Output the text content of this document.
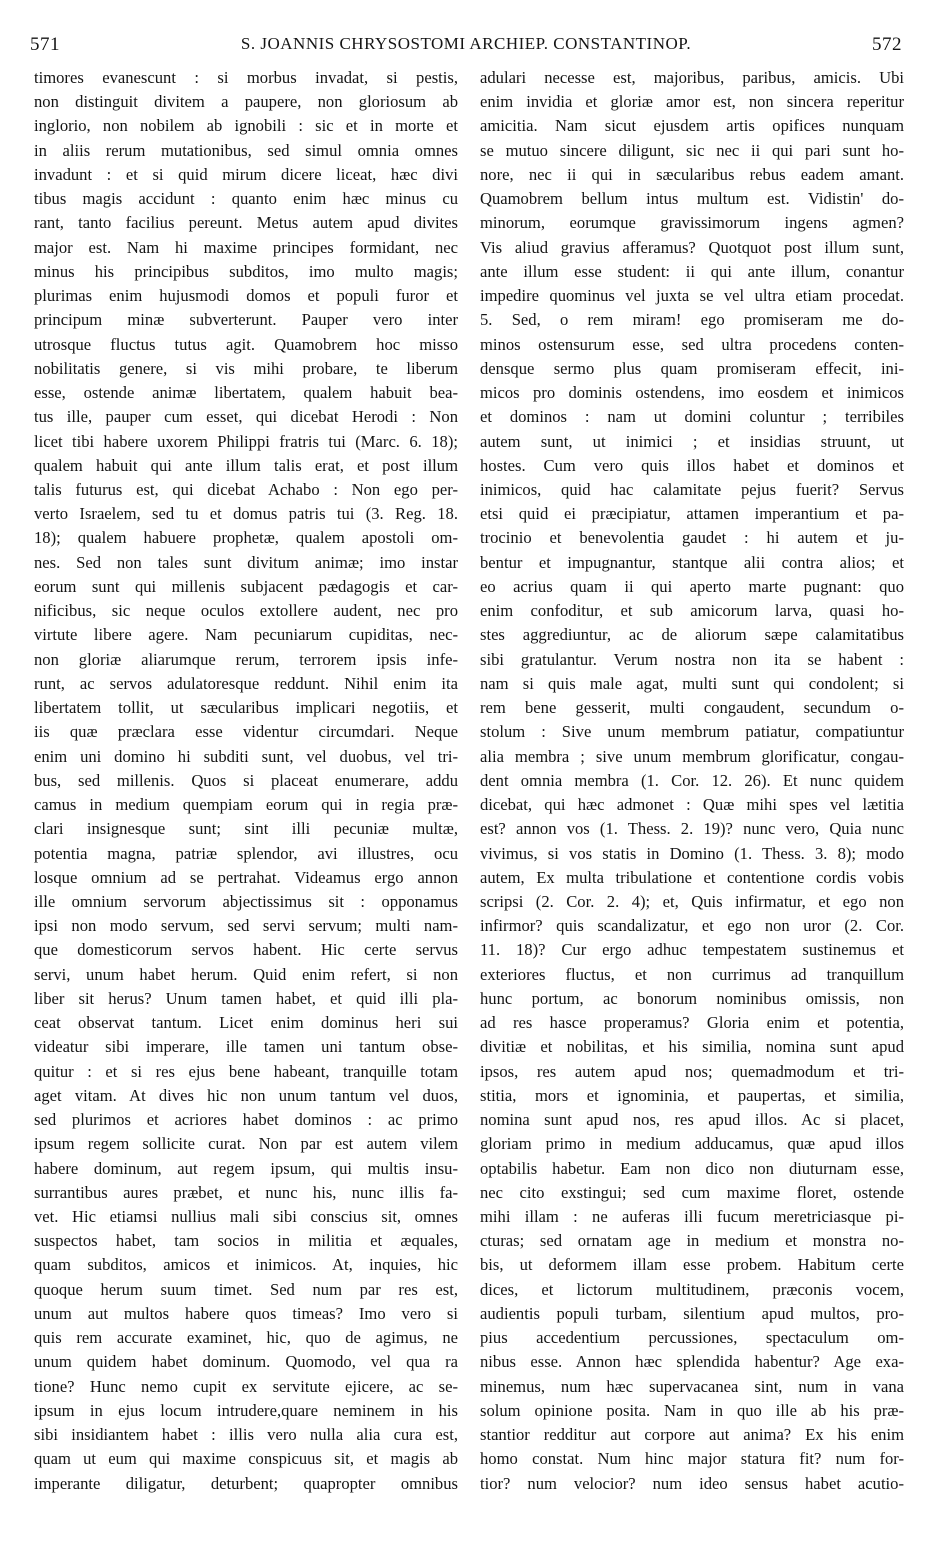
571	S. JOANNIS CHRYSOSTOMI ARCHIEP. CONSTANTINOP.	572
timores evanescunt : si morbus invadat, si pestis,
non distinguit divitem a paupere, non gloriosum ab
inglorio, non nobilem ab ignobili : sic et in morte et
in aliis rerum mutationibus, sed simul omnia omnes
invadunt : et si quid mirum dicere liceat, hæc divi
tibus magis accidunt : quanto enim hæc minus cu
rant, tanto facilius pereunt. Metus autem apud divites
major est. Nam hi maxime principes formidant, nec
minus his principibus subditos, imo multo magis;
plurimas enim hujusmodi domos et populi furor et
principum minæ subverterunt. Pauper vero inter
utrosque fluctus tutus agit. Quamobrem hoc misso
nobilitatis genere, si vis mihi probare, te liberum
esse, ostende animæ libertatem, qualem habuit bea-
tus ille, pauper cum esset, qui dicebat Herodi : Non
licet tibi habere uxorem Philippi fratris tui (Marc. 6. 18);
qualem habuit qui ante illum talis erat, et post illum
talis futurus est, qui dicebat Achabo : Non ego per-
verto Israelem, sed tu et domus patris tui (3. Reg. 18.
18); qualem habuere prophetæ, qualem apostoli om-
nes. Sed non tales sunt divitum animæ; imo instar
eorum sunt qui millenis subjacent pædagogis et car-
nificibus, sic neque oculos extollere audent, nec pro
virtute libere agere. Nam pecuniarum cupiditas, nec-
non gloriæ aliarumque rerum, terrorem ipsis infe-
runt, ac servos adulatoresque reddunt. Nihil enim ita
libertatem tollit, ut sæcularibus implicari negotiis, et
iis quæ præclara esse videntur circumdari. Neque
enim uni domino hi subditi sunt, vel duobus, vel tri-
bus, sed millenis. Quos si placeat enumerare, addu
camus in medium quempiam eorum qui in regia præ-
clari insignesque sunt; sint illi pecuniæ multæ,
potentia magna, patriæ splendor, avi illustres, ocu
losque omnium ad se pertrahat. Videamus ergo annon
ille omnium servorum abjectissimus sit : opponamus
ipsi non modo servum, sed servi servum; multi nam-
que domesticorum servos habent. Hic certe servus
servi, unum habet herum. Quid enim refert, si non
liber sit herus? Unum tamen habet, et quid illi pla-
ceat observat tantum. Licet enim dominus heri sui
videatur sibi imperare, ille tamen uni tantum obse-
quitur : et si res ejus bene habeant, tranquille totam
aget vitam. At dives hic non unum tantum vel duos,
sed plurimos et acriores habet dominos : ac primo
ipsum regem sollicite curat. Non par est autem vilem
habere dominum, aut regem ipsum, qui multis insu-
surrantibus aures præbet, et nunc his, nunc illis fa-
vet. Hic etiamsi nullius mali sibi conscius sit, omnes
suspectos habet, tam socios in militia et æquales,
quam subditos, amicos et inimicos. At, inquies, hic
quoque herum suum timet. Sed num par res est,
unum aut multos habere quos timeas? Imo vero si
quis rem accurate examinet, hic, quo de agimus, ne
unum quidem habet dominum. Quomodo, vel qua ra
tione? Hunc nemo cupit ex servitute ejicere, ac se-
ipsum in ejus locum intrudere,quare neminem in his
sibi insidiantem habet : illis vero nulla alia cura est,
quam ut eum qui maxime conspicuus sit, et magis ab
imperante diligatur, deturbent; quapropter omnibus
adulari necesse est, majoribus, paribus, amicis. Ubi
enim invidia et gloriæ amor est, non sincera reperitur
amicitia. Nam sicut ejusdem artis opifices nunquam
se mutuo sincere diligunt, sic nec ii qui pari sunt ho-
nore, nec ii qui in sæcularibus rebus eadem amant.
Quamobrem bellum intus multum est. Vidistin' do-
minorum, eorumque gravissimorum ingens agmen?
Vis aliud gravius afferamus? Quotquot post illum sunt,
ante illum esse student: ii qui ante illum, conantur
impedire quominus vel juxta se vel ultra etiam procedat.
5. Sed, o rem miram! ego promiseram me do-
minos ostensurum esse, sed ultra procedens conten-
densque sermo plus quam promiseram effecit, ini-
micos pro dominis ostendens, imo eosdem et inimicos
et dominos : nam ut domini coluntur ; terribiles
autem sunt, ut inimici ; et insidias struunt, ut
hostes. Cum vero quis illos habet et dominos et
inimicos, quid hac calamitate pejus fuerit? Servus
etsi quid ei præcipiatur, attamen imperantium et pa-
trocinio et benevolentia gaudet : hi autem et ju-
bentur et impugnantur, stantque alii contra alios; et
eo acrius quam ii qui aperto marte pugnant: quo
enim confoditur, et sub amicorum larva, quasi ho-
stes aggrediuntur, ac de aliorum sæpe calamitatibus
sibi gratulantur. Verum nostra non ita se habent :
nam si quis male agat, multi sunt qui condolent; si
rem bene gesserit, multi congaudent, secundum o-
stolum : Sive unum membrum patiatur, compatiuntur
alia membra ; sive unum membrum glorificatur, congau-
dent omnia membra (1. Cor. 12. 26). Et nunc quidem
dicebat, qui hæc admonet : Quæ mihi spes vel lætitia
est? annon vos (1. Thess. 2. 19)? nunc vero, Quia nunc
vivimus, si vos statis in Domino (1. Thess. 3. 8); modo
autem, Ex multa tribulatione et contentione cordis vobis
scripsi (2. Cor. 2. 4); et, Quis infirmatur, et ego non
infirmor? quis scandalizatur, et ego non uror (2. Cor.
11. 18)? Cur ergo adhuc tempestatem sustinemus et
exteriores fluctus, et non currimus ad tranquillum
hunc portum, ac bonorum nominibus omissis, non
ad res hasce properamus? Gloria enim et potentia,
divitiæ et nobilitas, et his similia, nomina sunt apud
ipsos, res autem apud nos; quemadmodum et tri-
stitia, mors et ignominia, et paupertas, et similia,
nomina sunt apud nos, res apud illos. Ac si placet,
gloriam primo in medium adducamus, quæ apud illos
optabilis habetur. Eam non dico non diuturnam esse,
nec cito exstingui; sed cum maxime floret, ostende
mihi illam : ne auferas illi fucum meretriciasque pi-
cturas; sed ornatam age in medium et monstra no-
bis, ut deformem illam esse probem. Habitum certe
dices, et lictorum multitudinem, præconis vocem,
audientis populi turbam, silentium apud multos, pro-
pius accedentium percussiones, spectaculum om-
nibus esse. Annon hæc splendida habentur? Age exa-
minemus, num hæc supervacanea sint, num in vana
solum opinione posita. Nam in quo ille ab his præ-
stantior redditur aut corpore aut anima? Ex his enim
homo constat. Num hinc major statura fit? num for-
tior? num velocior? num ideo sensus habet acutio-
